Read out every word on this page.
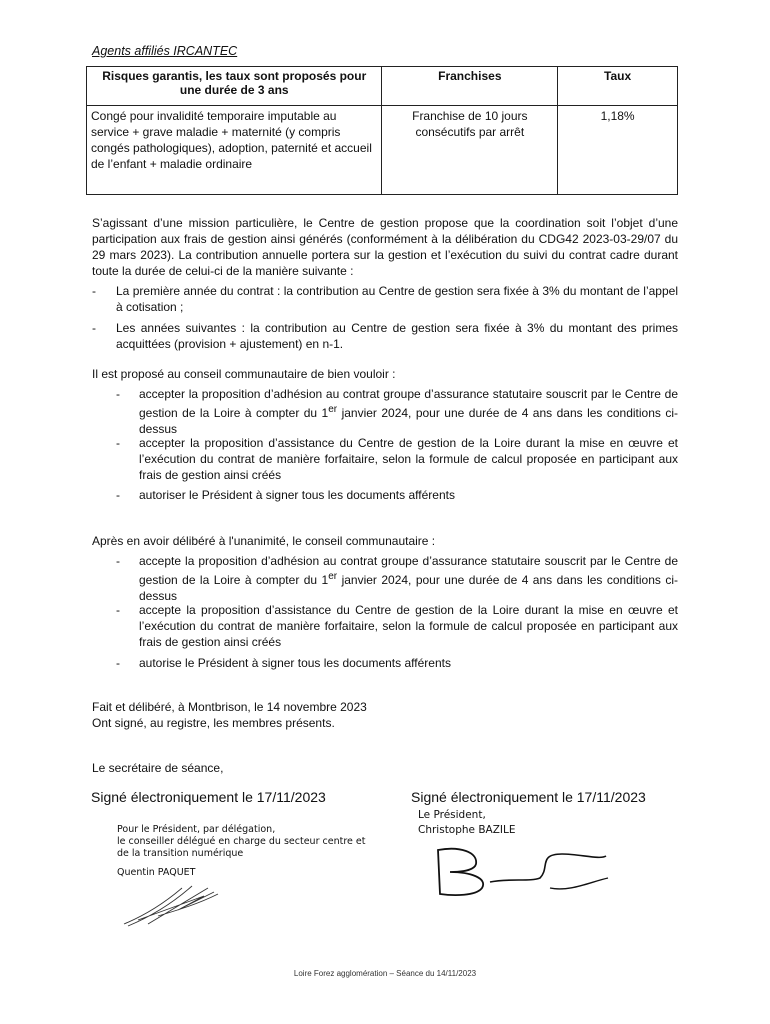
Agents affiliés IRCANTEC
Risques garantis, les taux sont proposés pour une durée de 3 ans	Franchises	Taux
Congé pour invalidité temporaire imputable au service + grave maladie + maternité (y compris congés pathologiques), adoption, paternité et accueil de l’enfant + maladie ordinaire	Franchise de 10 jours consécutifs par arrêt	1,18%
S’agissant d’une mission particulière, le Centre de gestion propose que la coordination soit l’objet d’une participation aux frais de gestion ainsi générés (conformément à la délibération du CDG42 2023-03-29/07 du 29 mars 2023). La contribution annuelle portera sur la gestion et l’exécution du suivi du contrat cadre durant toute la durée de celui-ci de la manière suivante :
- La première année du contrat : la contribution au Centre de gestion sera fixée à 3% du montant de l’appel à cotisation ;
- Les années suivantes : la contribution au Centre de gestion sera fixée à 3% du montant des primes acquittées (provision + ajustement) en n-1.
Il est proposé au conseil communautaire de bien vouloir :
- accepter la proposition d’adhésion au contrat groupe d’assurance statutaire souscrit par le Centre de gestion de la Loire à compter du 1er janvier 2024, pour une durée de 4 ans dans les conditions ci-dessus
- accepter la proposition d’assistance du Centre de gestion de la Loire durant la mise en œuvre et l’exécution du contrat de manière forfaitaire, selon la formule de calcul proposée en participant aux frais de gestion ainsi créés
- autoriser le Président à signer tous les documents afférents
Après en avoir délibéré à l'unanimité, le conseil communautaire :
- accepte la proposition d’adhésion au contrat groupe d’assurance statutaire souscrit par le Centre de gestion de la Loire à compter du 1er janvier 2024, pour une durée de 4 ans dans les conditions ci-dessus
- accepte la proposition d’assistance du Centre de gestion de la Loire durant la mise en œuvre et l’exécution du contrat de manière forfaitaire, selon la formule de calcul proposée en participant aux frais de gestion ainsi créés
- autorise le Président à signer tous les documents afférents
Fait et délibéré, à Montbrison, le 14 novembre 2023
Ont signé, au registre, les membres présents.
Le secrétaire de séance,
Signé électroniquement le 17/11/2023
Pour le Président, par délégation,
le conseiller délégué en charge du secteur centre et
de la transition numérique
Quentin PAQUET
Signé électroniquement le 17/11/2023
Le Président,
Christophe BAZILE
Loire Forez agglomération – Séance du 14/11/2023
